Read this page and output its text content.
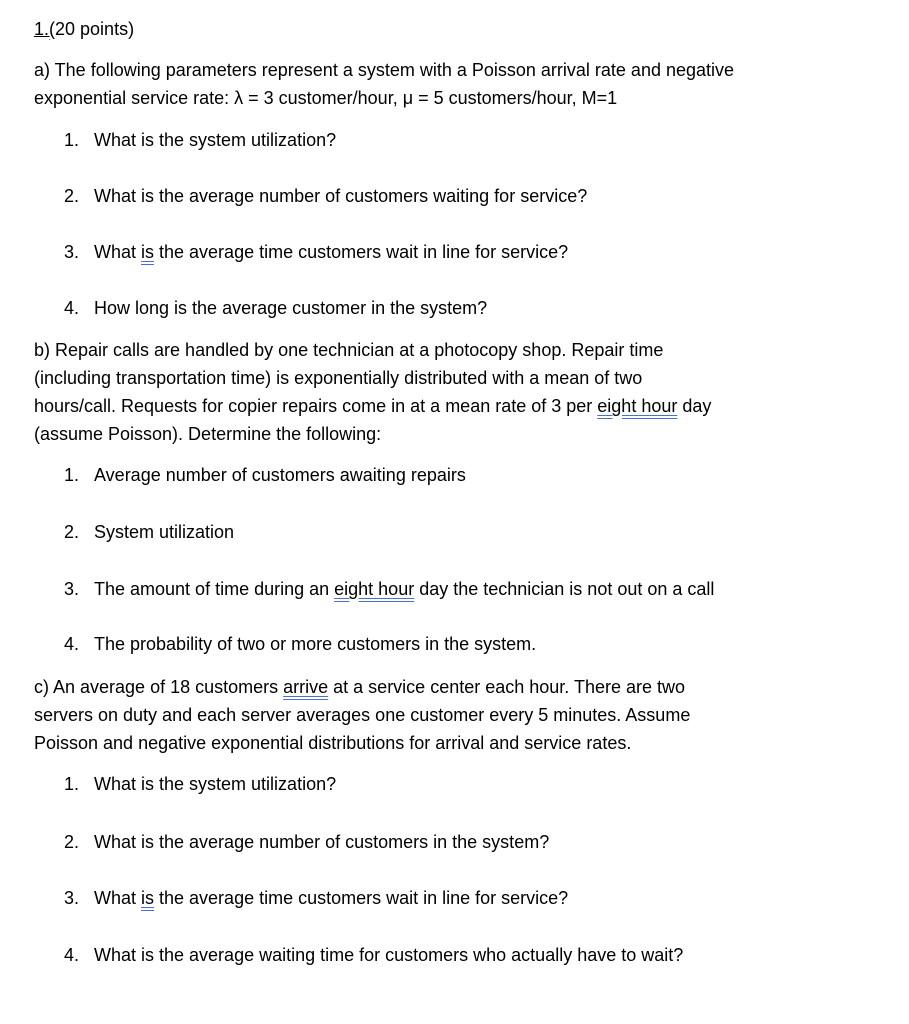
1.(20 points)
a) The following parameters represent a system with a Poisson arrival rate and negative
exponential service rate: λ = 3 customer/hour, μ = 5 customers/hour, M=1
1. What is the system utilization?
2. What is the average number of customers waiting for service?
3. What is the average time customers wait in line for service?
4. How long is the average customer in the system?
b) Repair calls are handled by one technician at a photocopy shop. Repair time
(including transportation time) is exponentially distributed with a mean of two
hours/call. Requests for copier repairs come in at a mean rate of 3 per eight hour day
(assume Poisson). Determine the following:
1. Average number of customers awaiting repairs
2. System utilization
3. The amount of time during an eight hour day the technician is not out on a call
4. The probability of two or more customers in the system.
c) An average of 18 customers arrive at a service center each hour. There are two
servers on duty and each server averages one customer every 5 minutes. Assume
Poisson and negative exponential distributions for arrival and service rates.
1. What is the system utilization?
2. What is the average number of customers in the system?
3. What is the average time customers wait in line for service?
4. What is the average waiting time for customers who actually have to wait?
